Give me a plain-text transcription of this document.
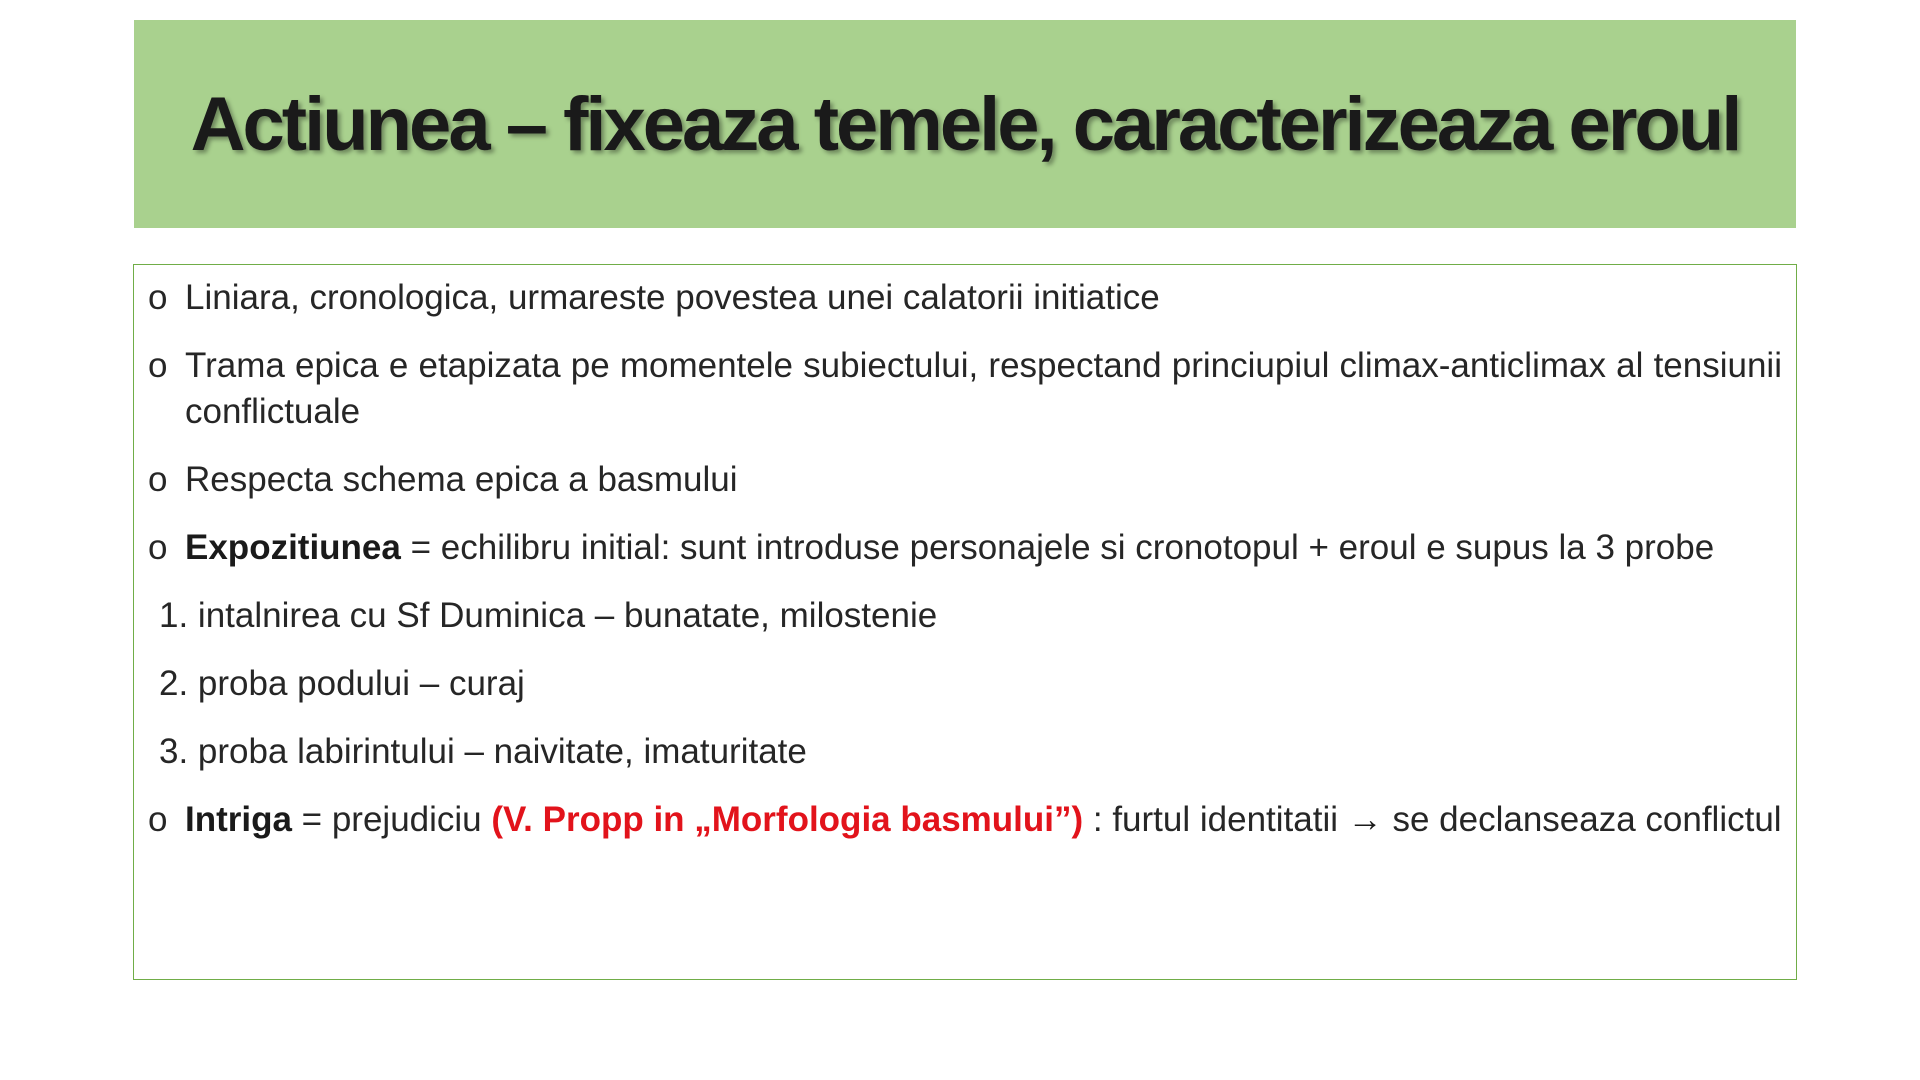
Actiunea – fixeaza temele, caracterizeaza eroul

o Liniara, cronologica, urmareste povestea unei calatorii initiatice

o Trama epica e etapizata pe momentele subiectului, respectand princiupiul climax-anticlimax al tensiunii conflictuale

o Respecta schema epica a basmului

o Expozitiunea = echilibru initial: sunt introduse personajele si cronotopul + eroul e supus la 3 probe

1. intalnirea cu Sf Duminica – bunatate, milostenie

2. proba podului – curaj

3. proba labirintului – naivitate, imaturitate

o Intriga = prejudiciu (V. Propp in „Morfologia basmului”) : furtul identitatii → se declanseaza conflictul
